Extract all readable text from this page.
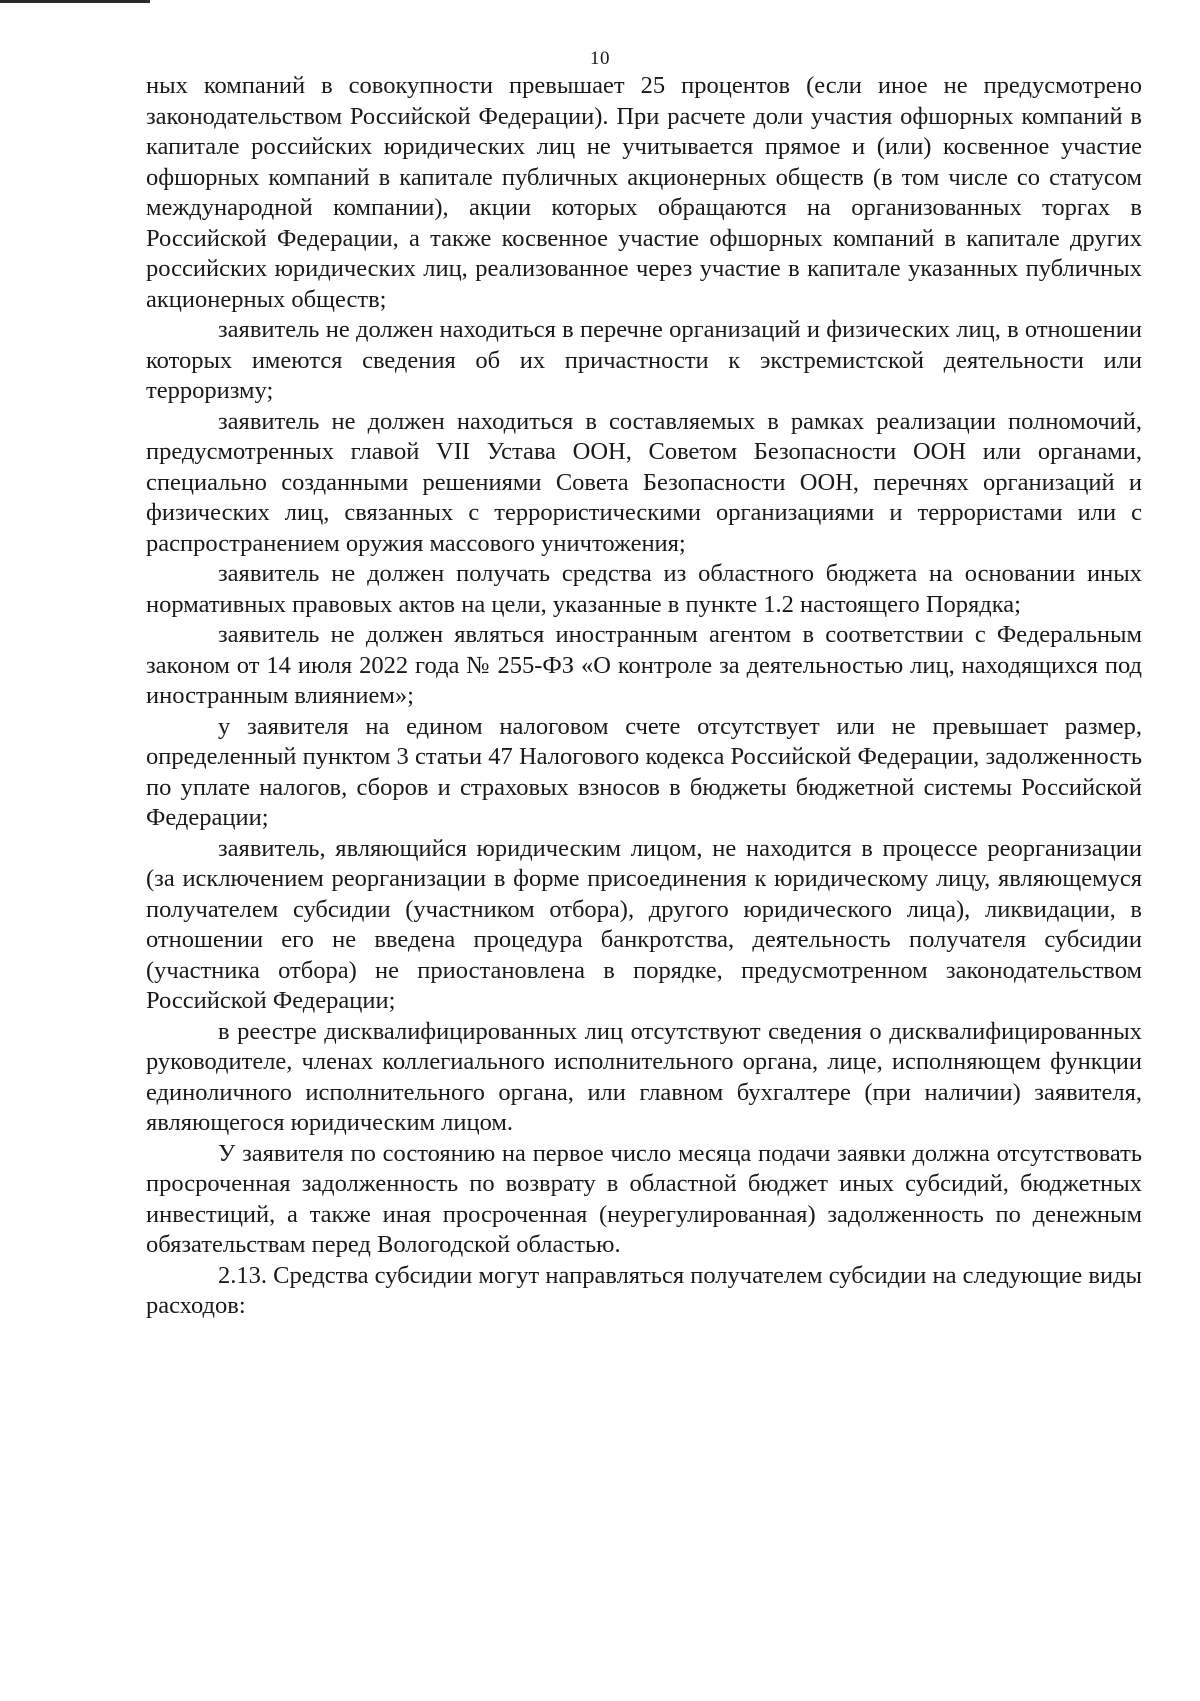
10

ных компаний в совокупности превышает 25 процентов (если иное не предусмотрено законодательством Российской Федерации). При расчете доли участия офшорных компаний в капитале российских юридических лиц не учитывается прямое и (или) косвенное участие офшорных компаний в капитале публичных акционерных обществ (в том числе со статусом международной компании), акции которых обращаются на организованных торгах в Российской Федерации, а также косвенное участие офшорных компаний в капитале других российских юридических лиц, реализованное через участие в капитале указанных публичных акционерных обществ;

заявитель не должен находиться в перечне организаций и физических лиц, в отношении которых имеются сведения об их причастности к экстремистской деятельности или терроризму;

заявитель не должен находиться в составляемых в рамках реализации полномочий, предусмотренных главой VII Устава ООН, Советом Безопасности ООН или органами, специально созданными решениями Совета Безопасности ООН, перечнях организаций и физических лиц, связанных с террористическими организациями и террористами или с распространением оружия массового уничтожения;

заявитель не должен получать средства из областного бюджета на основании иных нормативных правовых актов на цели, указанные в пункте 1.2 настоящего Порядка;

заявитель не должен являться иностранным агентом в соответствии с Федеральным законом от 14 июля 2022 года № 255-ФЗ «О контроле за деятельностью лиц, находящихся под иностранным влиянием»;

у заявителя на едином налоговом счете отсутствует или не превышает размер, определенный пунктом 3 статьи 47 Налогового кодекса Российской Федерации, задолженность по уплате налогов, сборов и страховых взносов в бюджеты бюджетной системы Российской Федерации;

заявитель, являющийся юридическим лицом, не находится в процессе реорганизации (за исключением реорганизации в форме присоединения к юридическому лицу, являющемуся получателем субсидии (участником отбора), другого юридического лица), ликвидации, в отношении его не введена процедура банкротства, деятельность получателя субсидии (участника отбора) не приостановлена в порядке, предусмотренном законодательством Российской Федерации;

в реестре дисквалифицированных лиц отсутствуют сведения о дисквалифицированных руководителе, членах коллегиального исполнительного органа, лице, исполняющем функции единоличного исполнительного органа, или главном бухгалтере (при наличии) заявителя, являющегося юридическим лицом.

У заявителя по состоянию на первое число месяца подачи заявки должна отсутствовать просроченная задолженность по возврату в областной бюджет иных субсидий, бюджетных инвестиций, а также иная просроченная (неурегулированная) задолженность по денежным обязательствам перед Вологодской областью.

2.13. Средства субсидии могут направляться получателем субсидии на следующие виды расходов:
